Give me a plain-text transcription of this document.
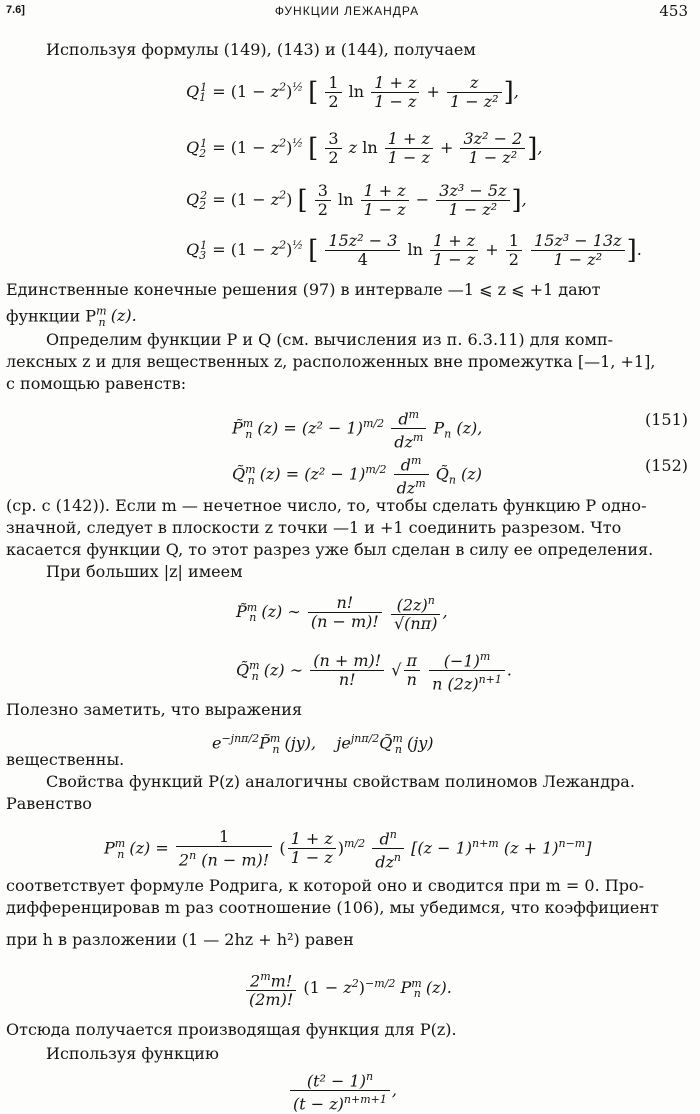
7.6]	ФУНКЦИИ ЛЕЖАНДРА	453
Используя формулы (149), (143) и (144), получаем
$Q_1^1 = (1 - z^2)^{\frac{1}{2}}$ [ $\frac{1}{2}$ $\ln \frac{1 + z}{1 - z} + \frac{z}{\text{1 − z²}}$ ],
$Q_2^1 = (1 - z^2)^{\frac{1}{2}}$ [ $\frac{3}{2}$ z $\ln \frac{1 + z}{1 - z} + \frac{\text{3z² − 2}}{\text{1 − z²}}$ ],
$Q_2^2 = (1 - z^2)$ [ $\frac{3}{2}$ $\ln \frac{1 + z}{1 - z} - \frac{\text{3z³ − 5z}}{\text{1 − z²}}$ ],
$Q_3^1 = (1 - z^2)^{\frac{1}{2}}$ [ $\frac{\text{15z² − 3}}{4}$ $\ln \frac{1 + z}{1 - z} + \frac{1}{2}$
$\frac{\text{15z³ − 13z}}{\text{1 − z²}}$ ].
Единственные конечные решения (97) в интервале —1 ⩽ z ⩽ +1 дают
функции $P^m_n$ (z).
Определим функции P и Q (см. вычисления из п. 6.3.11) для комп-
лексных z и для вещественных z, расположенных вне промежутка [—1, +1],
с помощью равенств:
P̃$^m_n$ $(z) = (z^2 - 1)^{m/2} \frac{d^m}{dz^m} P_n$ (z),	(151)
Q̃$^m_n$ $(z) = (z^2 - 1)^{m/2} \frac{d^m}{dz^m}$ $Q̃_n$ (z)	(152)
(ср. с (142)). Если m — нечетное число, то, чтобы сделать функцию P одно-
значной, следует в плоскости z точки —1 и +1 соединить разрезом. Что
касается функции Q, то этот разрез уже был сделан в силу ее определения.
При больших |z| имеем
P̃$^m_n$ (z) ∼ $\frac{n!}{(n - m)!}$
$\frac{(2z)^n}{√(n\pi)}$ ,
Q̃$^m_n$ (z) ∼ $\frac{(n + m)!}{n!}$ √ $\frac{\pi}{n}$
$\frac{(-1)^m}{n (2z)^{n+1}}$ .
Полезно заметить, что выражения
$e^{-jn\pi/2}P̃^m_n$ (jy),    $je^{jn\pi/2}Q̃^m_n$ (jy)
вещественны.
Свойства функций P(z) аналогичны свойствам полиномов Лежандра.
Равенство
$P^m_n$ $(z) = \frac{1}{2^n (n - m)!}$ ( $\frac{1 + z}{1 - z} )^{m/2} \frac{d^n}{dz^n} [(z - 1)^{n+m}$ $(z + 1)^{n-m}$]
соответствует формуле Родрига, к которой оно и сводится при m = 0. Про-
дифференцировав m раз соотношение (106), мы убедимся, что коэффициент
при h в разложении (1 — 2hz + h²) равен
$\frac{2^mm!}{(2m)!} (1 - z^2)^{-m/2}$ $P^m_n$ (z).
Отсюда получается производящая функция для P(z).
Используя функцию
$\frac{(t^2 - 1)^n}{(t - z)^{n+m+1}}$ ,
